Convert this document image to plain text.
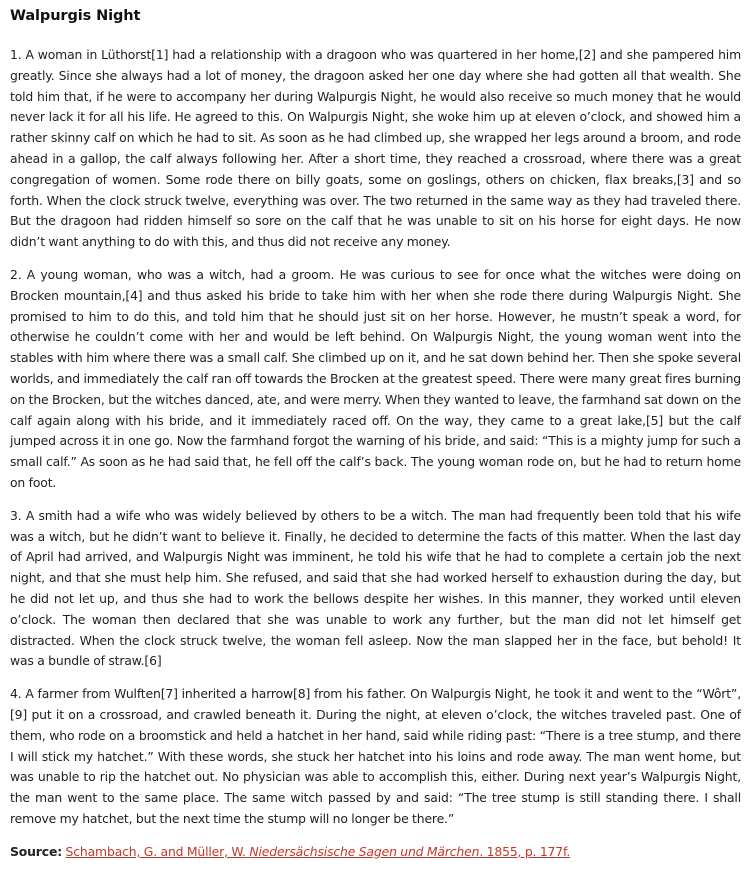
Walpurgis Night

1. A woman in Lüthorst[1] had a relationship with a dragoon who was quartered in her home,[2] and she pampered him greatly. Since she always had a lot of money, the dragoon asked her one day where she had gotten all that wealth. She told him that, if he were to accompany her during Walpurgis Night, he would also receive so much money that he would never lack it for all his life. He agreed to this. On Walpurgis Night, she woke him up at eleven o’clock, and showed him a rather skinny calf on which he had to sit. As soon as he had climbed up, she wrapped her legs around a broom, and rode ahead in a gallop, the calf always following her. After a short time, they reached a crossroad, where there was a great congregation of women. Some rode there on billy goats, some on goslings, others on chicken, flax breaks,[3] and so forth. When the clock struck twelve, everything was over. The two returned in the same way as they had traveled there. But the dragoon had ridden himself so sore on the calf that he was unable to sit on his horse for eight days. He now didn’t want anything to do with this, and thus did not receive any money.

2. A young woman, who was a witch, had a groom. He was curious to see for once what the witches were doing on Brocken mountain,[4] and thus asked his bride to take him with her when she rode there during Walpurgis Night. She promised to him to do this, and told him that he should just sit on her horse. However, he mustn’t speak a word, for otherwise he couldn’t come with her and would be left behind. On Walpurgis Night, the young woman went into the stables with him where there was a small calf. She climbed up on it, and he sat down behind her. Then she spoke several worlds, and immediately the calf ran off towards the Brocken at the greatest speed. There were many great fires burning on the Brocken, but the witches danced, ate, and were merry. When they wanted to leave, the farmhand sat down on the calf again along with his bride, and it immediately raced off. On the way, they came to a great lake,[5] but the calf jumped across it in one go. Now the farmhand forgot the warning of his bride, and said: “This is a mighty jump for such a small calf.” As soon as he had said that, he fell off the calf’s back. The young woman rode on, but he had to return home on foot.

3. A smith had a wife who was widely believed by others to be a witch. The man had frequently been told that his wife was a witch, but he didn’t want to believe it. Finally, he decided to determine the facts of this matter. When the last day of April had arrived, and Walpurgis Night was imminent, he told his wife that he had to complete a certain job the next night, and that she must help him. She refused, and said that she had worked herself to exhaustion during the day, but he did not let up, and thus she had to work the bellows despite her wishes. In this manner, they worked until eleven o’clock. The woman then declared that she was unable to work any further, but the man did not let himself get distracted. When the clock struck twelve, the woman fell asleep. Now the man slapped her in the face, but behold! It was a bundle of straw.[6]

4. A farmer from Wulften[7] inherited a harrow[8] from his father. On Walpurgis Night, he took it and went to the “Wôrt”,[9] put it on a crossroad, and crawled beneath it. During the night, at eleven o’clock, the witches traveled past. One of them, who rode on a broomstick and held a hatchet in her hand, said while riding past: “There is a tree stump, and there I will stick my hatchet.” With these words, she stuck her hatchet into his loins and rode away. The man went home, but was unable to rip the hatchet out. No physician was able to accomplish this, either. During next year’s Walpurgis Night, the man went to the same place. The same witch passed by and said: “The tree stump is still standing there. I shall remove my hatchet, but the next time the stump will no longer be there.”

Source: Schambach, G. and Müller, W. Niedersächsische Sagen und Märchen. 1855, p. 177f.
